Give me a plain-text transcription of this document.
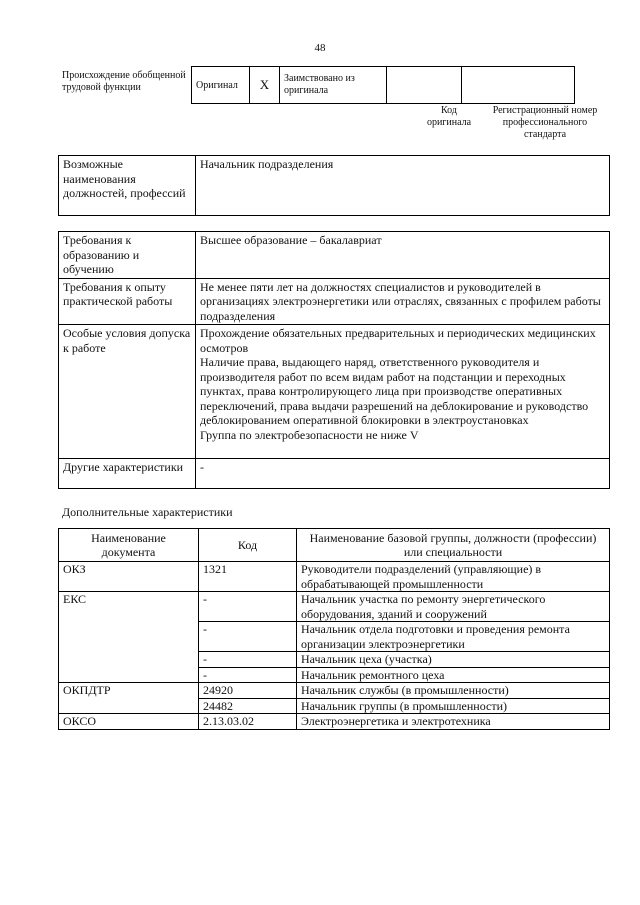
48
Происхождение обобщенной трудовой функции	Оригинал	X	Заимствовано из оригинала		
Код оригинала
Регистрационный номер профессионального стандарта
Возможные наименования должностей, профессий	Начальник подразделения
Требования к образованию и обучению	Высшее образование – бакалавриат
Требования к опыту практической работы	Не менее пяти лет на должностях специалистов и руководителей в организациях электроэнергетики или отраслях, связанных с профилем работы подразделения
Особые условия допуска к работе	Прохождение обязательных предварительных и периодических медицинских осмотров
Наличие права, выдающего наряд, ответственного руководителя и производителя работ по всем видам работ на подстанции и переходных пунктах, права контролирующего лица при производстве оперативных переключений, права выдачи разрешений на деблокирование и руководство деблокированием оперативной блокировки в электроустановках
Группа по электробезопасности не ниже V
Другие характеристики	-
Дополнительные характеристики
Наименование документа	Код	Наименование базовой группы, должности (профессии) или специальности
ОКЗ	1321	Руководители подразделений (управляющие) в обрабатывающей промышленности
ЕКС	-	Начальник участка по ремонту энергетического оборудования, зданий и сооружений
	-	Начальник отдела подготовки и проведения ремонта организации электроэнергетики
	-	Начальник цеха (участка)
	-	Начальник ремонтного цеха
ОКПДТР	24920	Начальник службы (в промышленности)
	24482	Начальник группы (в промышленности)
ОКСО	2.13.03.02	Электроэнергетика и электротехника
